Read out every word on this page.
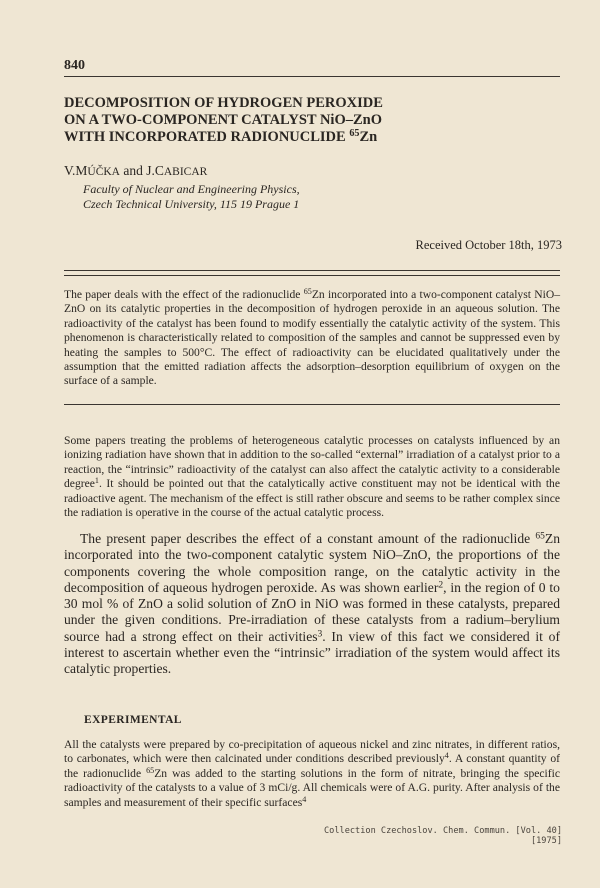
840
DECOMPOSITION OF HYDROGEN PEROXIDE
ON A TWO-COMPONENT CATALYST NiO–ZnO
WITH INCORPORATED RADIONUCLIDE $^{65}$Zn
V.MÚČKA and J.CABICAR
Faculty of Nuclear and Engineering Physics,
Czech Technical University, 115 19 Prague 1
Received October 18th, 1973
The paper deals with the effect of the radionuclide $^{65}$Zn incorporated into a two-component catalyst NiO–ZnO on its catalytic properties in the decomposition of hydrogen peroxide in an aqueous solution. The radioactivity of the catalyst has been found to modify essentially the catalytic activity of the system. This phenomenon is characteristically related to composition of the samples and cannot be suppressed even by heating the samples to 500°C. The effect of radioactivity can be elucidated qualitatively under the assumption that the emitted radiation affects the adsorption–desorption equilibrium of oxygen on the surface of a sample.
Some papers treating the problems of heterogeneous catalytic processes on catalysts influenced by an ionizing radiation have shown that in addition to the so-called “external” irradiation of a catalyst prior to a reaction, the “intrinsic” radioactivity of the catalyst can also affect the catalytic activity to a considerable degree$^1$. It should be pointed out that the catalytically active constituent may not be identical with the radioactive agent. The mechanism of the effect is still rather obscure and seems to be rather complex since the radiation is operative in the course of the actual catalytic process.
The present paper describes the effect of a constant amount of the radionuclide $^{65}$Zn incorporated into the two-component catalytic system NiO–ZnO, the proportions of the components covering the whole composition range, on the catalytic activity in the decomposition of aqueous hydrogen peroxide. As was shown earlier$^2$, in the region of 0 to 30 mol % of ZnO a solid solution of ZnO in NiO was formed in these catalysts, prepared under the given conditions. Pre-irradiation of these catalysts from a radium–berylium source had a strong effect on their activities$^3$. In view of this fact we considered it of interest to ascertain whether even the “intrinsic” irradiation of the system would affect its catalytic properties.
EXPERIMENTAL
All the catalysts were prepared by co-precipitation of aqueous nickel and zinc nitrates, in different ratios, to carbonates, which were then calcinated under conditions described previously$^4$. A constant quantity of the radionuclide $^{65}$Zn was added to the starting solutions in the form of nitrate, bringing the specific radioactivity of the catalysts to a value of 3 mCi/g. All chemicals were of A.G. purity. After analysis of the samples and measurement of their specific surfaces$^4$
Collection Czechoslov. Chem. Commun. [Vol. 40] [1975]
